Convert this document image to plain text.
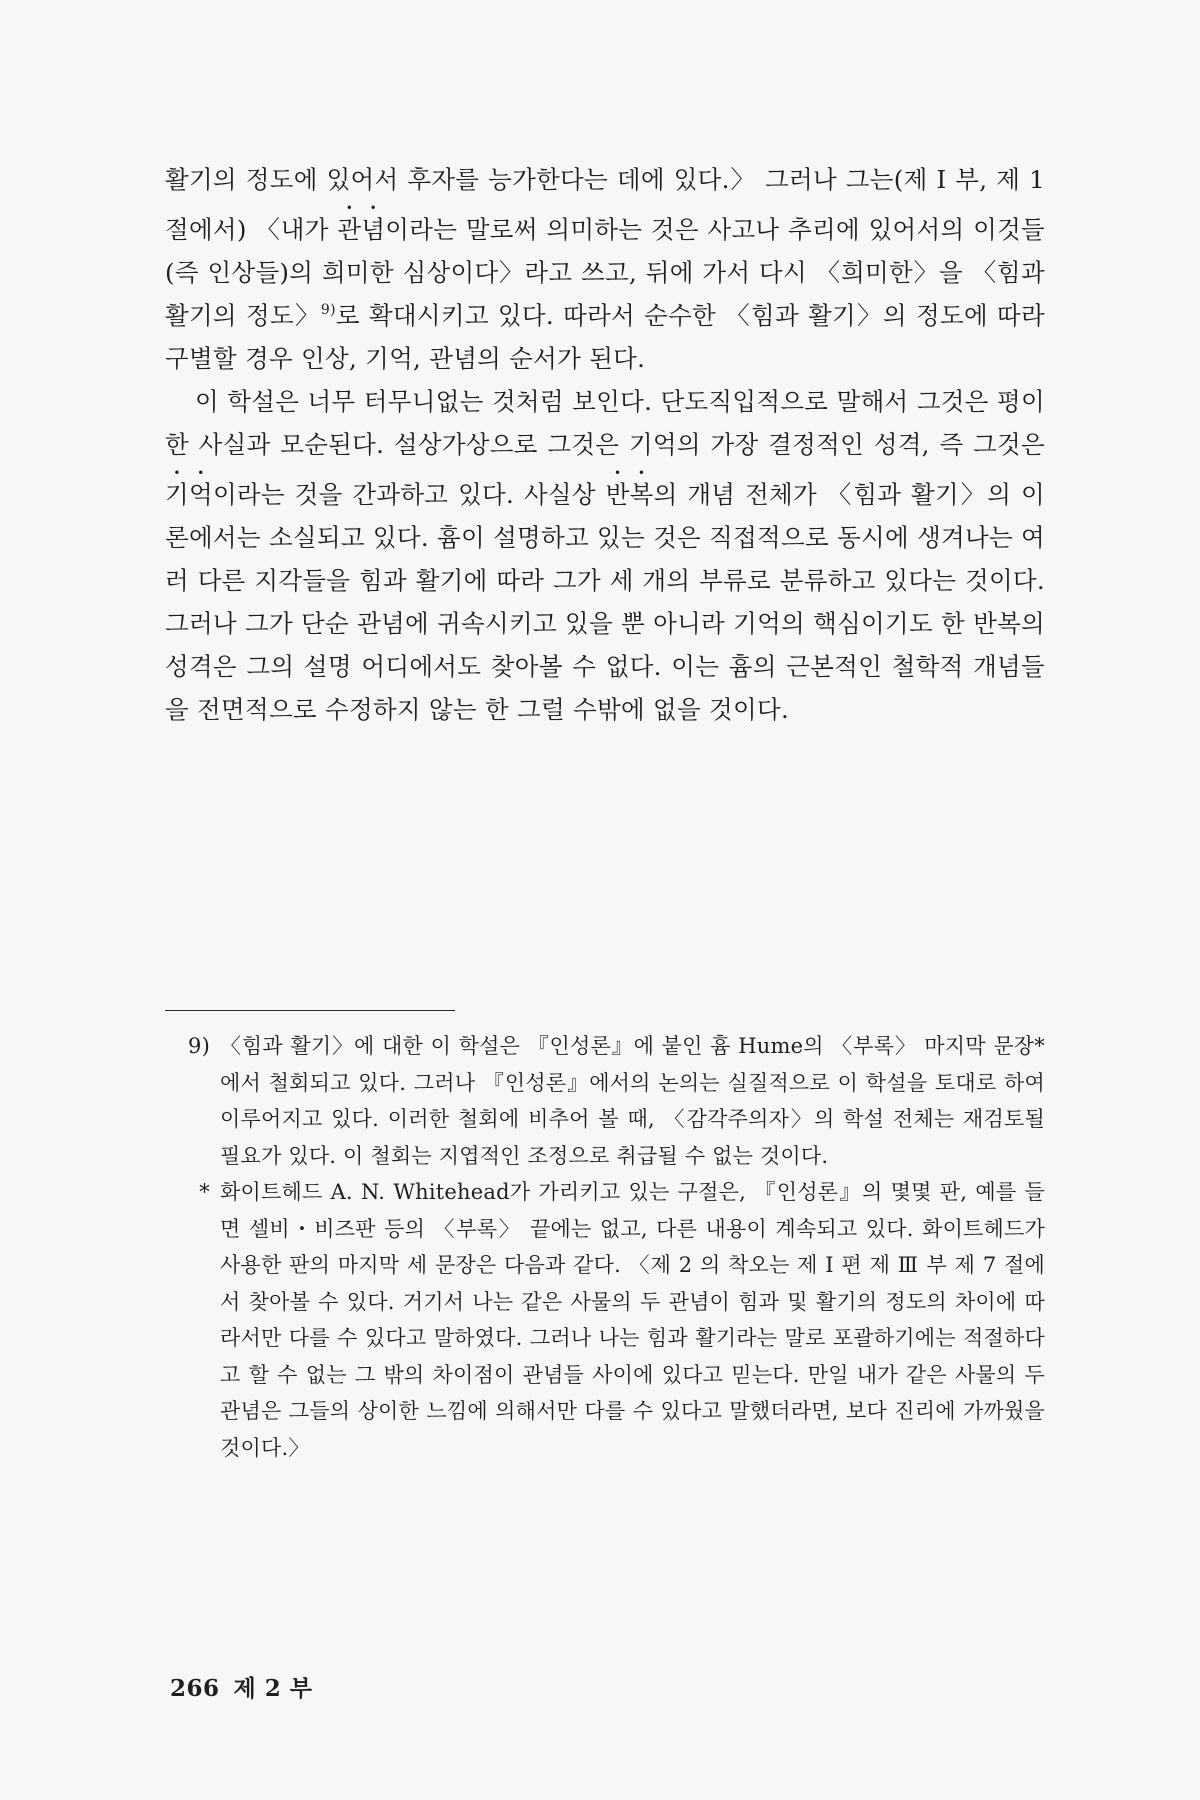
활기의 정도에 있어서 후자를 능가한다는 데에 있다.〉 그러나 그는(제 I 부, 제 1 절에서) 〈내가 관념이라는 말로써 의미하는 것은 사고나 추리에 있어서의 이것들(즉 인상들)의 희미한 심상이다〉라고 쓰고, 뒤에 가서 다시 〈희미한〉을 〈힘과 활기의 정도〉$^{9)}$로 확대시키고 있다. 따라서 순수한 〈힘과 활기〉의 정도에 따라 구별할 경우 인상, 기억, 관념의 순서가 된다.

이 학설은 너무 터무니없는 것처럼 보인다. 단도직입적으로 말해서 그것은 평이한 사실과 모순된다. 설상가상으로 그것은 기억의 가장 결정적인 성격, 즉 그것은 기억이라는 것을 간과하고 있다. 사실상 반복의 개념 전체가 〈힘과 활기〉의 이론에서는 소실되고 있다. 흄이 설명하고 있는 것은 직접적으로 동시에 생겨나는 여러 다른 지각들을 힘과 활기에 따라 그가 세 개의 부류로 분류하고 있다는 것이다. 그러나 그가 단순 관념에 귀속시키고 있을 뿐 아니라 기억의 핵심이기도 한 반복의 성격은 그의 설명 어디에서도 찾아볼 수 없다. 이는 흄의 근본적인 철학적 개념들을 전면적으로 수정하지 않는 한 그럴 수밖에 없을 것이다.

9) 〈힘과 활기〉에 대한 이 학설은 『인성론』에 붙인 흄 Hume의 〈부록〉 마지막 문장*에서 철회되고 있다. 그러나 『인성론』에서의 논의는 실질적으로 이 학설을 토대로 하여 이루어지고 있다. 이러한 철회에 비추어 볼 때, 〈감각주의자〉의 학설 전체는 재검토될 필요가 있다. 이 철회는 지엽적인 조정으로 취급될 수 없는 것이다.
* 화이트헤드 A. N. Whitehead가 가리키고 있는 구절은, 『인성론』의 몇몇 판, 예를 들면 셀비・비즈판 등의 〈부록〉 끝에는 없고, 다른 내용이 계속되고 있다. 화이트헤드가 사용한 판의 마지막 세 문장은 다음과 같다. 〈제 2 의 착오는 제 I 편 제 Ⅲ 부 제 7 절에서 찾아볼 수 있다. 거기서 나는 같은 사물의 두 관념이 힘과 및 활기의 정도의 차이에 따라서만 다를 수 있다고 말하였다. 그러나 나는 힘과 활기라는 말로 포괄하기에는 적절하다고 할 수 없는 그 밖의 차이점이 관념들 사이에 있다고 믿는다. 만일 내가 같은 사물의 두 관념은 그들의 상이한 느낌에 의해서만 다를 수 있다고 말했더라면, 보다 진리에 가까웠을 것이다.〉
266 제 2 부
